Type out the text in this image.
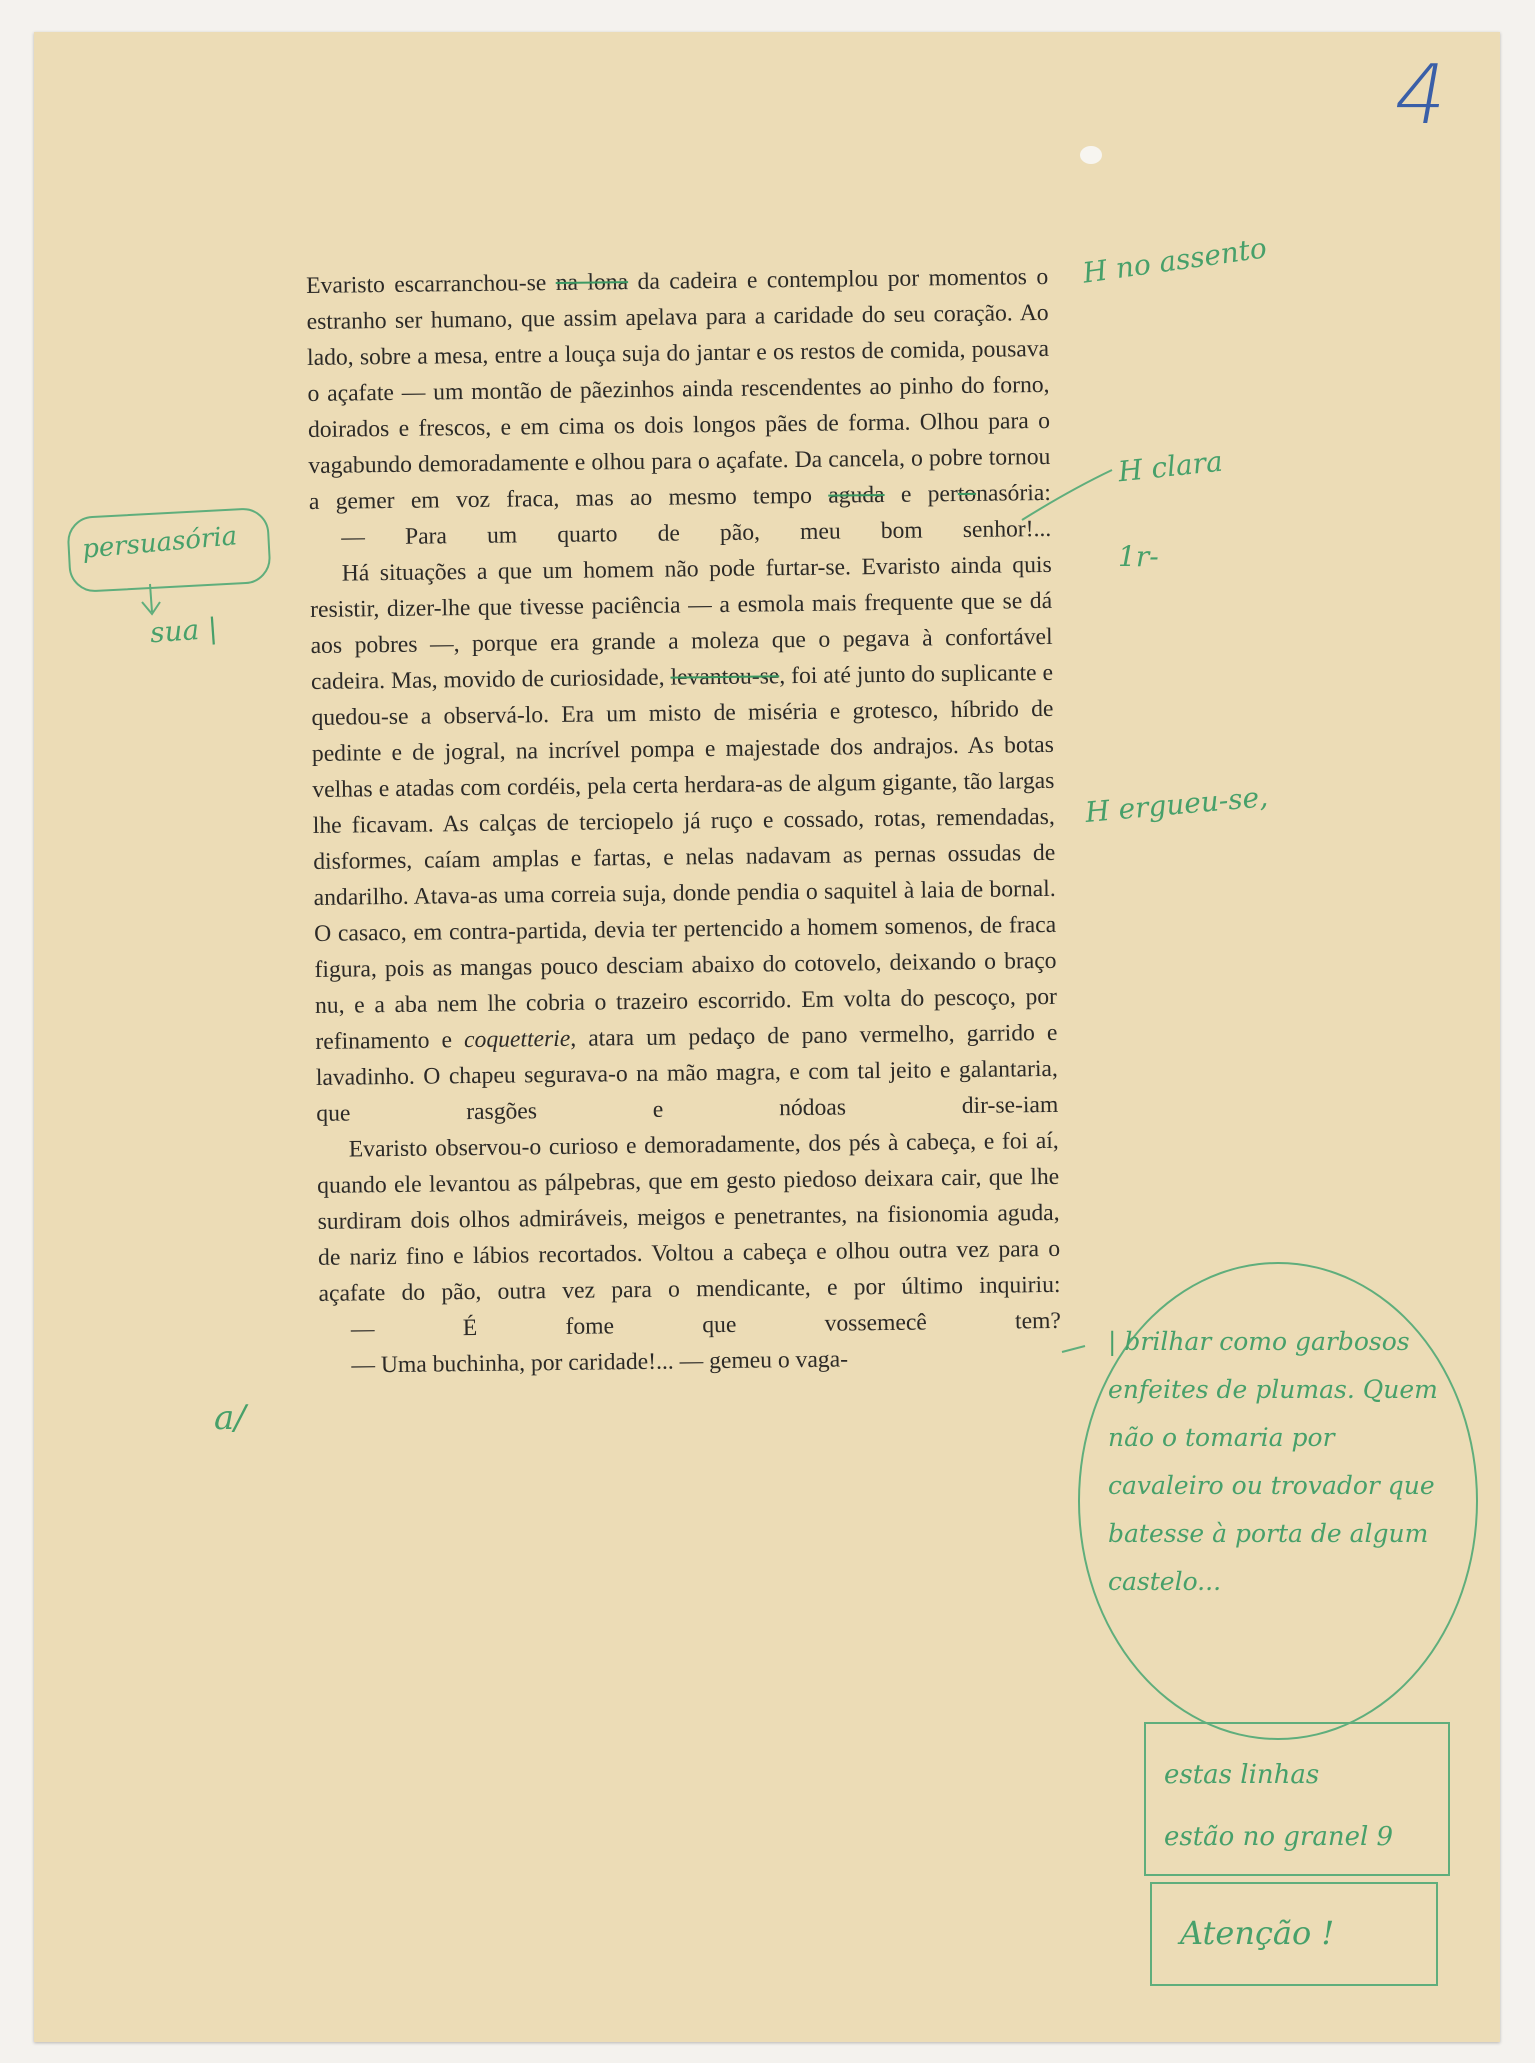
4

Evaristo escarranchou-se na lona da cadeira e contemplou por momentos o estranho ser humano, que assim apelava para a caridade do seu coração. Ao lado, sobre a mesa, entre a louça suja do jantar e os restos de comida, pousava o açafate — um montão de pãezinhos ainda rescendentes ao pinho do forno, doirados e frescos, e em cima os dois longos pães de forma. Olhou para o vagabundo demoradamente e olhou para o açafate. Da cancela, o pobre tornou a gemer em voz fraca, mas ao mesmo tempo aguda e pertonasória:

— Para um quarto de pão, meu bom senhor!...

Há situações a que um homem não pode furtar-se. Evaristo ainda quis resistir, dizer-lhe que tivesse paciência — a esmola mais frequente que se dá aos pobres —, porque era grande a moleza que o pegava à confortável cadeira. Mas, movido de curiosidade, levantou-se, foi até junto do suplicante e quedou-se a observá-lo. Era um misto de miséria e grotesco, híbrido de pedinte e de jogral, na incrível pompa e majestade dos andrajos. As botas velhas e atadas com cordéis, pela certa herdara-as de algum gigante, tão largas lhe ficavam. As calças de terciopelo já ruço e cossado, rotas, remendadas, disformes, caíam amplas e fartas, e nelas nadavam as pernas ossudas de andarilho. Atava-as uma correia suja, donde pendia o saquitel à laia de bornal. O casaco, em contra-partida, devia ter pertencido a homem somenos, de fraca figura, pois as mangas pouco desciam abaixo do cotovelo, deixando o braço nu, e a aba nem lhe cobria o trazeiro escorrido. Em volta do pescoço, por refinamento e coquetterie, atara um pedaço de pano vermelho, garrido e lavadinho. O chapeu segurava-o na mão magra, e com tal jeito e galantaria, que rasgões e nódoas dir-se-iam

Evaristo observou-o curioso e demoradamente, dos pés à cabeça, e foi aí, quando ele levantou as pálpebras, que em gesto piedoso deixara cair, que lhe surdiram dois olhos admiráveis, meigos e penetrantes, na fisionomia aguda, de nariz fino e lábios recortados. Voltou a cabeça e olhou outra vez para o açafate do pão, outra vez para o mendicante, e por último inquiriu:

— É fome que vossemecê tem?

— Uma buchinha, por caridade!... — gemeu o vaga-

H no assento
H clara
1r-
persuasória
sua |
H ergueu-se,
a/
| brilhar como garbosos enfeites de plumas. Quem não o tomaria por cavaleiro ou trovador que batesse à porta de algum castelo...
estas linhas
estão no granel 9
Atenção !
